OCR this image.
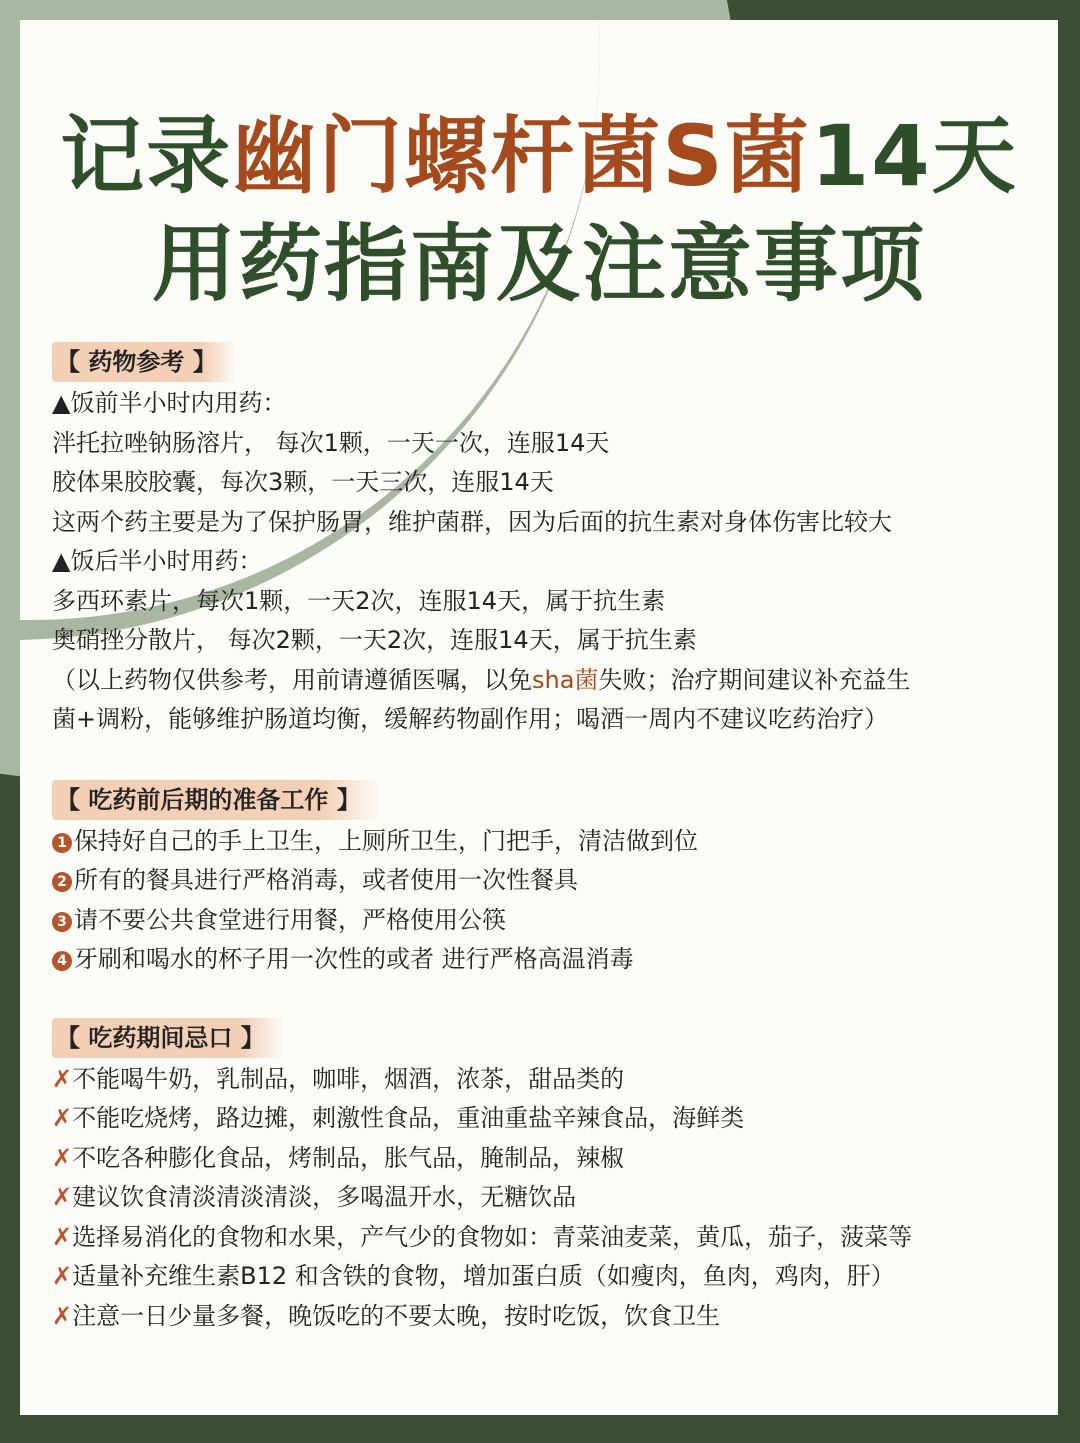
记录幽门螺杆菌S菌14天
用药指南及注意事项
【 药物参考 】
▲饭前半小时内用药：
泮托拉唑钠肠溶片， 每次1颗，一天一次，连服14天
胶体果胶胶囊，每次3颗，一天三次，连服14天
这两个药主要是为了保护肠胃，维护菌群，因为后面的抗生素对身体伤害比较大
▲饭后半小时用药：
多西环素片，每次1颗，一天2次，连服14天，属于抗生素
奥硝挫分散片， 每次2颗，一天2次，连服14天，属于抗生素
（以上药物仅供参考，用前请遵循医嘱，以免sha菌失败；治疗期间建议补充益生
菌+调粉，能够维护肠道均衡，缓解药物副作用；喝酒一周内不建议吃药治疗）
【 吃药前后期的准备工作 】
1 保持好自己的手上卫生，上厕所卫生，门把手，清洁做到位
2 所有的餐具进行严格消毒，或者使用一次性餐具
3 请不要公共食堂进行用餐，严格使用公筷
4 牙刷和喝水的杯子用一次性的或者 进行严格高温消毒
【 吃药期间忌口 】
✗不能喝牛奶，乳制品，咖啡，烟酒，浓茶，甜品类的
✗不能吃烧烤，路边摊，刺激性食品，重油重盐辛辣食品，海鲜类
✗不吃各种膨化食品，烤制品，胀气品，腌制品，辣椒
✗建议饮食清淡清淡清淡，多喝温开水，无糖饮品
✗选择易消化的食物和水果，产气少的食物如：青菜油麦菜，黄瓜，茄子，菠菜等
✗适量补充维生素B12 和含铁的食物，增加蛋白质（如瘦肉，鱼肉，鸡肉，肝）
✗注意一日少量多餐，晚饭吃的不要太晚，按时吃饭，饮食卫生
